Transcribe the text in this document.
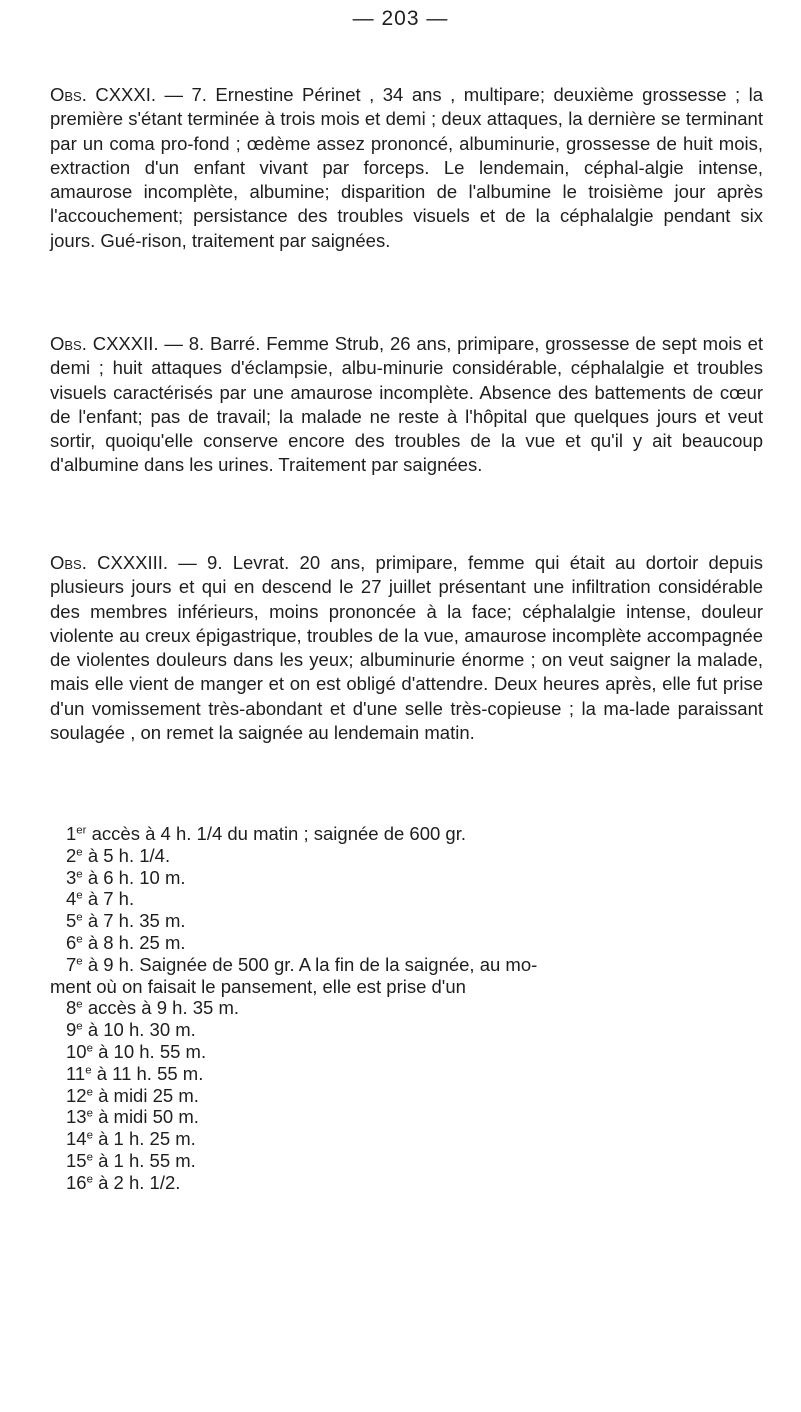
— 203 —

Obs. CXXXI. — 7. Ernestine Périnet , 34 ans , multipare; deuxième grossesse ; la première s'étant terminée à trois mois et demi ; deux attaques, la dernière se terminant par un coma pro-fond ; œdème assez prononcé, albuminurie, grossesse de huit mois, extraction d'un enfant vivant par forceps. Le lendemain, céphal-algie intense, amaurose incomplète, albumine; disparition de l'albumine le troisième jour après l'accouchement; persistance des troubles visuels et de la céphalalgie pendant six jours. Gué-rison, traitement par saignées.

Obs. CXXXII. — 8. Barré. Femme Strub, 26 ans, primipare, grossesse de sept mois et demi ; huit attaques d'éclampsie, albu-minurie considérable, céphalalgie et troubles visuels caractérisés par une amaurose incomplète. Absence des battements de cœur de l'enfant; pas de travail; la malade ne reste à l'hôpital que quelques jours et veut sortir, quoiqu'elle conserve encore des troubles de la vue et qu'il y ait beaucoup d'albumine dans les urines. Traitement par saignées.

Obs. CXXXIII. — 9. Levrat. 20 ans, primipare, femme qui était au dortoir depuis plusieurs jours et qui en descend le 27 juillet présentant une infiltration considérable des membres inférieurs, moins prononcée à la face; céphalalgie intense, douleur violente au creux épigastrique, troubles de la vue, amaurose incomplète accompagnée de violentes douleurs dans les yeux; albuminurie énorme ; on veut saigner la malade, mais elle vient de manger et on est obligé d'attendre. Deux heures après, elle fut prise d'un vomissement très-abondant et d'une selle très-copieuse ; la ma-lade paraissant soulagée , on remet la saignée au lendemain matin.

1er accès à 4 h. 1/4 du matin ; saignée de 600 gr.
2e à 5 h. 1/4.
3e à 6 h. 10 m.
4e à 7 h.
5e à 7 h. 35 m.
6e à 8 h. 25 m.
7e à 9 h. Saignée de 500 gr. A la fin de la saignée, au mo-
ment où on faisait le pansement, elle est prise d'un
8e accès à 9 h. 35 m.
9e à 10 h. 30 m.
10e à 10 h. 55 m.
11e à 11 h. 55 m.
12e à midi 25 m.
13e à midi 50 m.
14e à 1 h. 25 m.
15e à 1 h. 55 m.
16e à 2 h. 1/2.
